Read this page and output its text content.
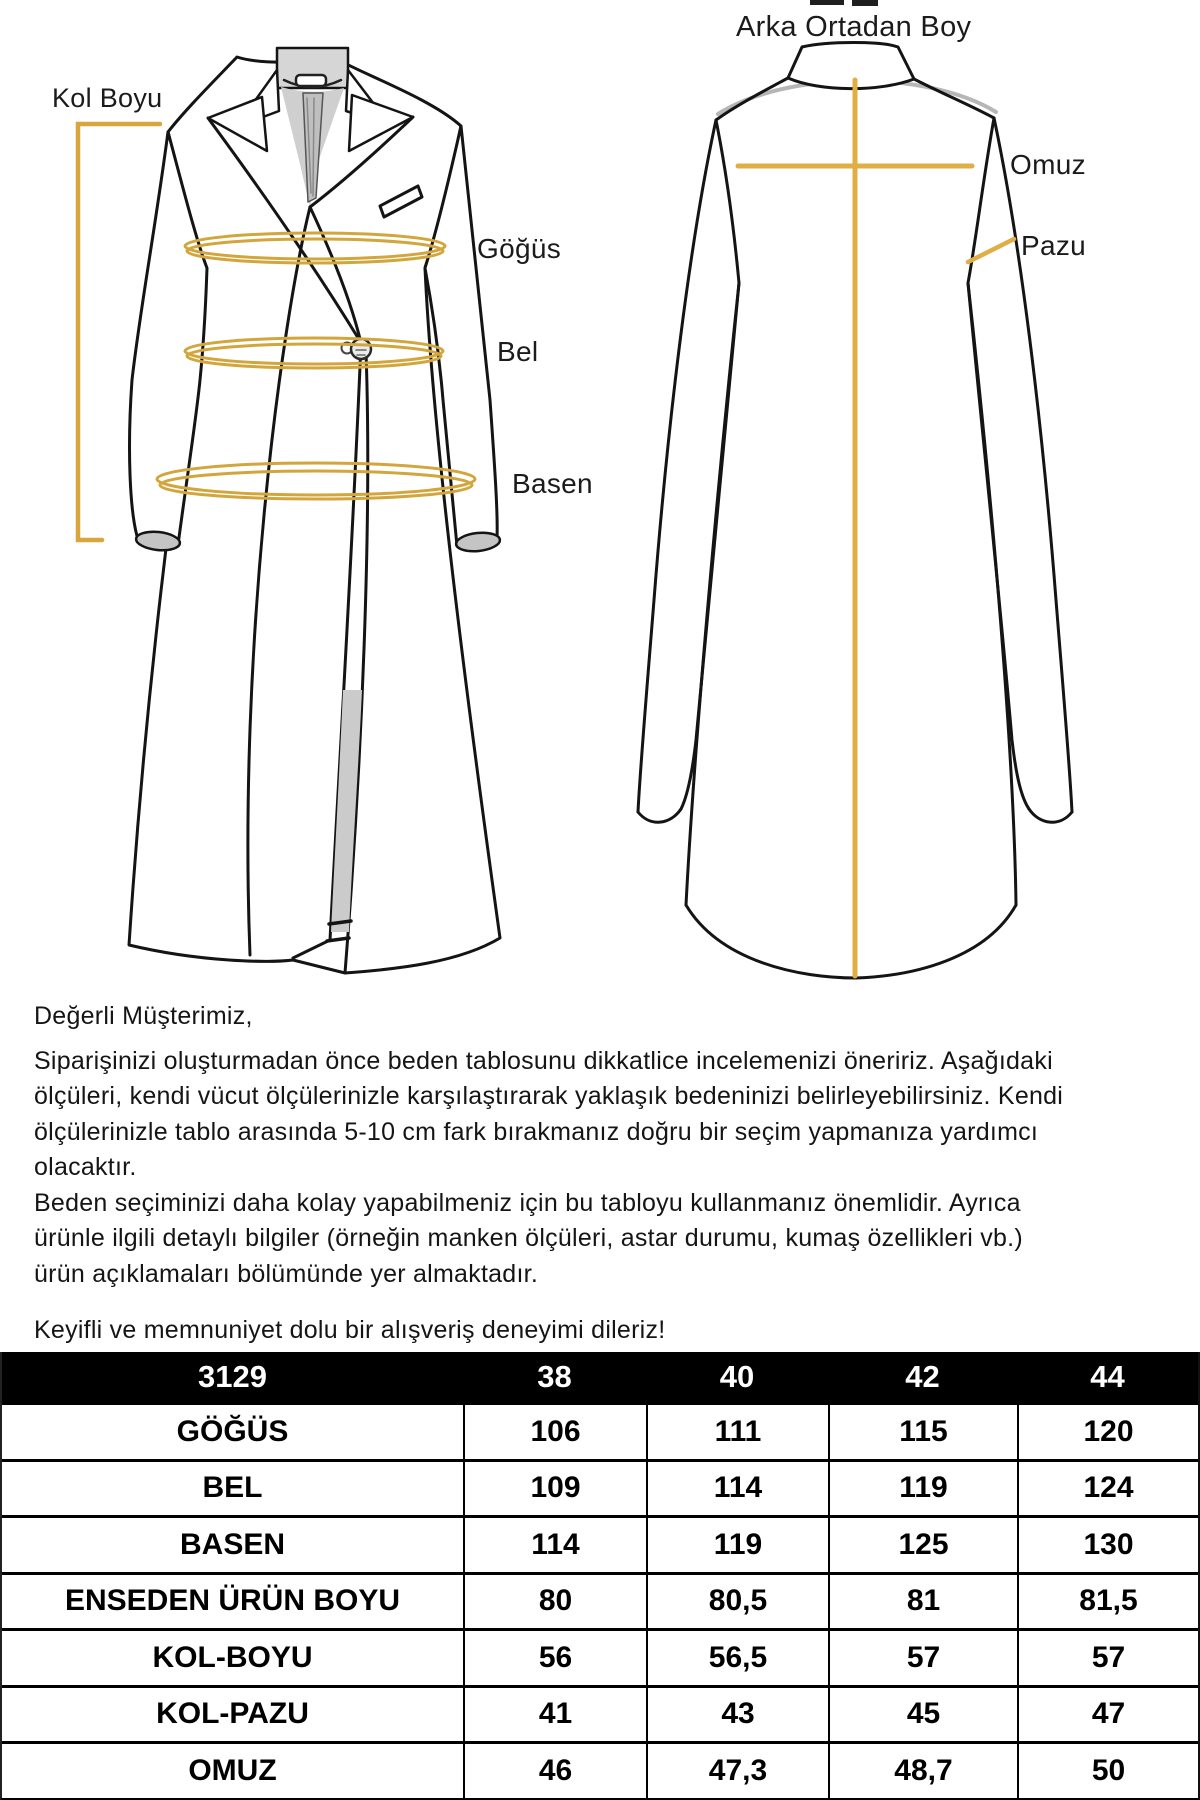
Kol Boyu
Arka Ortadan Boy
Göğüs
Bel
Basen
Omuz
Pazu
Değerli Müşterimiz,
Siparişinizi oluşturmadan önce beden tablosunu dikkatlice incelemenizi öneririz. Aşağıdaki
ölçüleri, kendi vücut ölçülerinizle karşılaştırarak yaklaşık bedeninizi belirleyebilirsiniz. Kendi
ölçülerinizle tablo arasında 5-10 cm fark bırakmanız doğru bir seçim yapmanıza yardımcı
olacaktır.
Beden seçiminizi daha kolay yapabilmeniz için bu tabloyu kullanmanız önemlidir. Ayrıca
ürünle ilgili detaylı bilgiler (örneğin manken ölçüleri, astar durumu, kumaş özellikleri vb.)
ürün açıklamaları bölümünde yer almaktadır.
Keyifli ve memnuniyet dolu bir alışveriş deneyimi dileriz!
3129	38	40	42	44
GÖĞÜS	106	111	115	120
BEL	109	114	119	124
BASEN	114	119	125	130
ENSEDEN ÜRÜN BOYU	80	80,5	81	81,5
KOL-BOYU	56	56,5	57	57
KOL-PAZU	41	43	45	47
OMUZ	46	47,3	48,7	50
